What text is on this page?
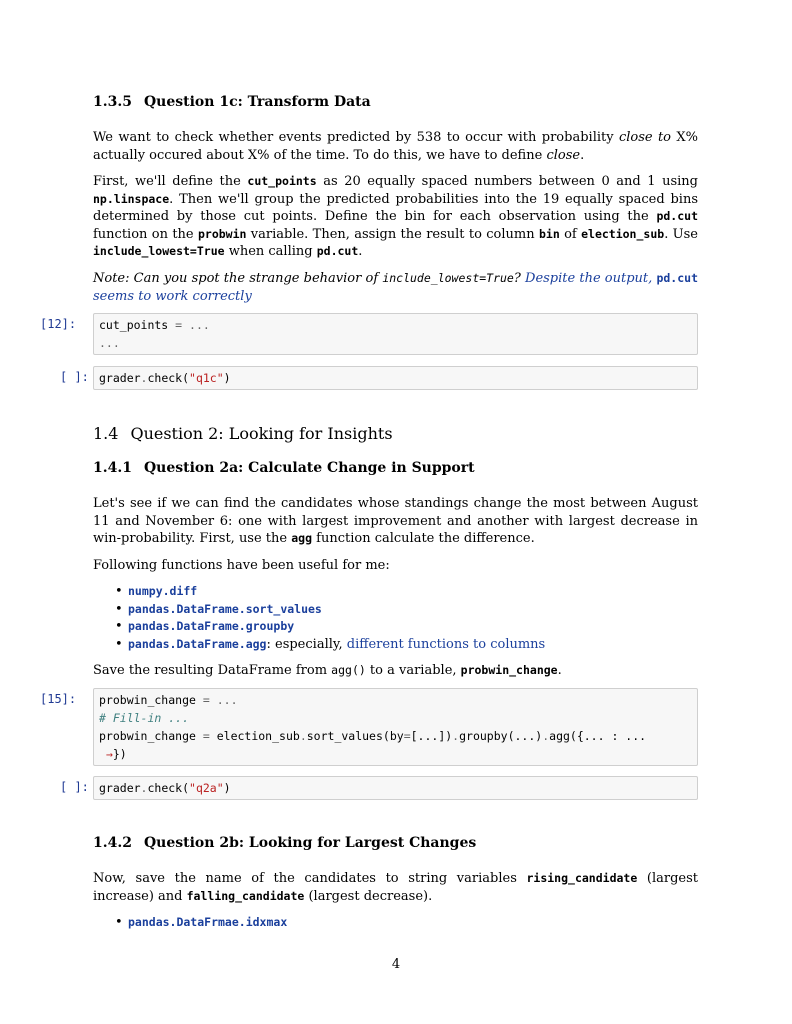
1.3.5 Question 1c: Transform Data

We want to check whether events predicted by 538 to occur with probability close to X% actually occured about X% of the time. To do this, we have to define close.

First, we'll define the cut_points as 20 equally spaced numbers between 0 and 1 using np.linspace. Then we'll group the predicted probabilities into the 19 equally spaced bins determined by those cut points. Define the bin for each observation using the pd.cut function on the probwin variable. Then, assign the result to column bin of election_sub. Use include_lowest=True when calling pd.cut.

Note: Can you spot the strange behavior of include_lowest=True? Despite the output, pd.cut seems to work correctly

[12]:	cut_points = ...
...
[ ]: grader.check("q1c")
1.4 Question 2: Looking for Insights
1.4.1 Question 2a: Calculate Change in Support

Let's see if we can find the candidates whose standings change the most between August 11 and November 6: one with largest improvement and another with largest decrease in win-probability. First, use the agg function calculate the difference.

Following functions have been useful for me:

• numpy.diff
• pandas.DataFrame.sort_values
• pandas.DataFrame.groupby
• pandas.DataFrame.agg: especially, different functions to columns

Save the resulting DataFrame from agg() to a variable, probwin_change.

[15]:	probwin_change = ...
# Fill-in ...
probwin_change = election_sub.sort_values(by=[...]).groupby(...).agg({... : ...
→})
[ ]: grader.check("q2a")
1.4.2 Question 2b: Looking for Largest Changes

Now, save the name of the candidates to string variables rising_candidate (largest increase) and falling_candidate (largest decrease).

• pandas.DataFrmae.idxmax
4
